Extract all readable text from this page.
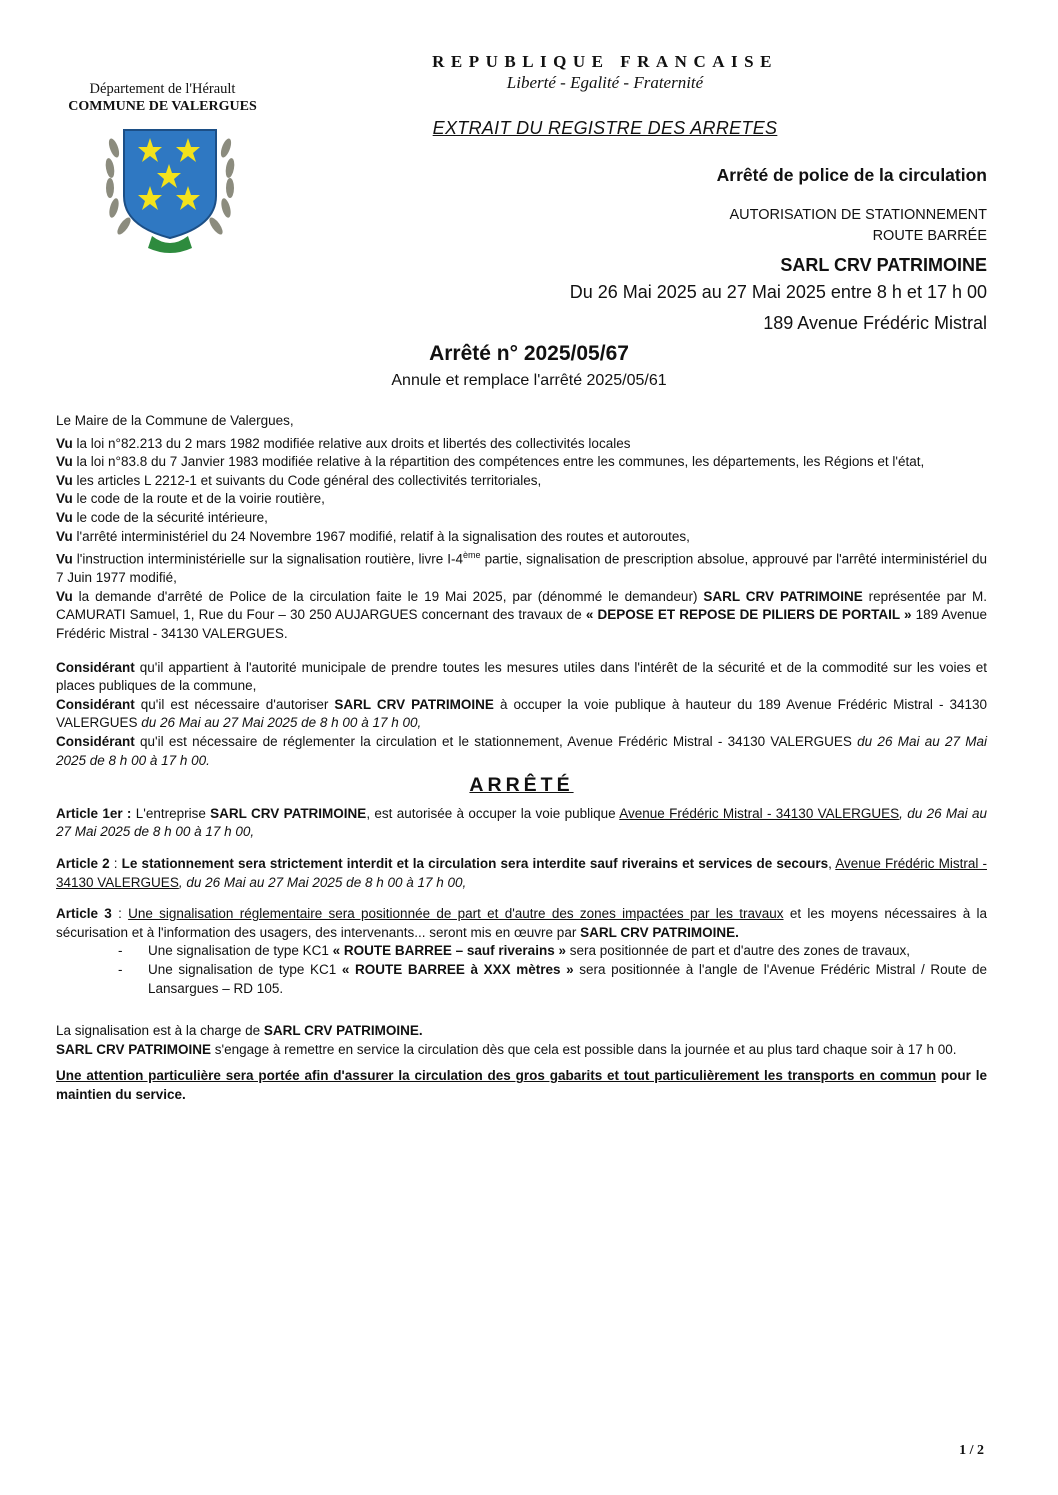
Département de l'Hérault
COMMUNE DE VALERGUES
REPUBLIQUE FRANCAISE
Liberté - Egalité - Fraternité
EXTRAIT DU REGISTRE DES ARRETES
Arrêté de police de la circulation
AUTORISATION DE STATIONNEMENT
ROUTE BARRÉE
SARL CRV PATRIMOINE
Du 26 Mai 2025 au 27 Mai 2025 entre 8 h et 17 h 00
189 Avenue Frédéric Mistral
Arrêté n° 2025/05/67
Annule et remplace l'arrêté 2025/05/61

Le Maire de la Commune de Valergues,

Vu la loi n°82.213 du 2 mars 1982 modifiée relative aux droits et libertés des collectivités locales

Vu la loi n°83.8 du 7 Janvier 1983 modifiée relative à la répartition des compétences entre les communes, les départements, les Régions et l'état,

Vu les articles L 2212-1 et suivants du Code général des collectivités territoriales,

Vu le code de la route et de la voirie routière,

Vu le code de la sécurité intérieure,

Vu l'arrêté interministériel du 24 Novembre 1967 modifié, relatif à la signalisation des routes et autoroutes,

Vu l'instruction interministérielle sur la signalisation routière, livre I-4ème partie, signalisation de prescription absolue, approuvé par l'arrêté interministériel du 7 Juin 1977 modifié,

Vu la demande d'arrêté de Police de la circulation faite le 19 Mai 2025, par (dénommé le demandeur) SARL CRV PATRIMOINE représentée par M. CAMURATI Samuel, 1, Rue du Four – 30 250 AUJARGUES concernant des travaux de « DEPOSE ET REPOSE DE PILIERS DE PORTAIL » 189 Avenue Frédéric Mistral - 34130 VALERGUES.

Considérant qu'il appartient à l'autorité municipale de prendre toutes les mesures utiles dans l'intérêt de la sécurité et de la commodité sur les voies et places publiques de la commune,

Considérant qu'il est nécessaire d'autoriser SARL CRV PATRIMOINE à occuper la voie publique à hauteur du 189 Avenue Frédéric Mistral - 34130 VALERGUES du 26 Mai au 27 Mai 2025 de 8 h 00 à 17 h 00,

Considérant qu'il est nécessaire de réglementer la circulation et le stationnement, Avenue Frédéric Mistral - 34130 VALERGUES du 26 Mai au 27 Mai 2025 de 8 h 00 à 17 h 00.

ARRÊTÉ

Article 1er : L'entreprise SARL CRV PATRIMOINE, est autorisée à occuper la voie publique Avenue Frédéric Mistral - 34130 VALERGUES, du 26 Mai au 27 Mai 2025 de 8 h 00 à 17 h 00,

Article 2 : Le stationnement sera strictement interdit et la circulation sera interdite sauf riverains et services de secours, Avenue Frédéric Mistral - 34130 VALERGUES, du 26 Mai au 27 Mai 2025 de 8 h 00 à 17 h 00,

Article 3 : Une signalisation réglementaire sera positionnée de part et d'autre des zones impactées par les travaux et les moyens nécessaires à la sécurisation et à l'information des usagers, des intervenants... seront mis en œuvre par SARL CRV PATRIMOINE.

-	Une signalisation de type KC1 « ROUTE BARREE – sauf riverains » sera positionnée de part et d'autre des zones de travaux,
-	Une signalisation de type KC1 « ROUTE BARREE à XXX mètres » sera positionnée à l'angle de l'Avenue Frédéric Mistral / Route de Lansargues – RD 105.

La signalisation est à la charge de SARL CRV PATRIMOINE.

SARL CRV PATRIMOINE s'engage à remettre en service la circulation dès que cela est possible dans la journée et au plus tard chaque soir à 17 h 00.

Une attention particulière sera portée afin d'assurer la circulation des gros gabarits et tout particulièrement les transports en commun pour le maintien du service.

1 / 2
